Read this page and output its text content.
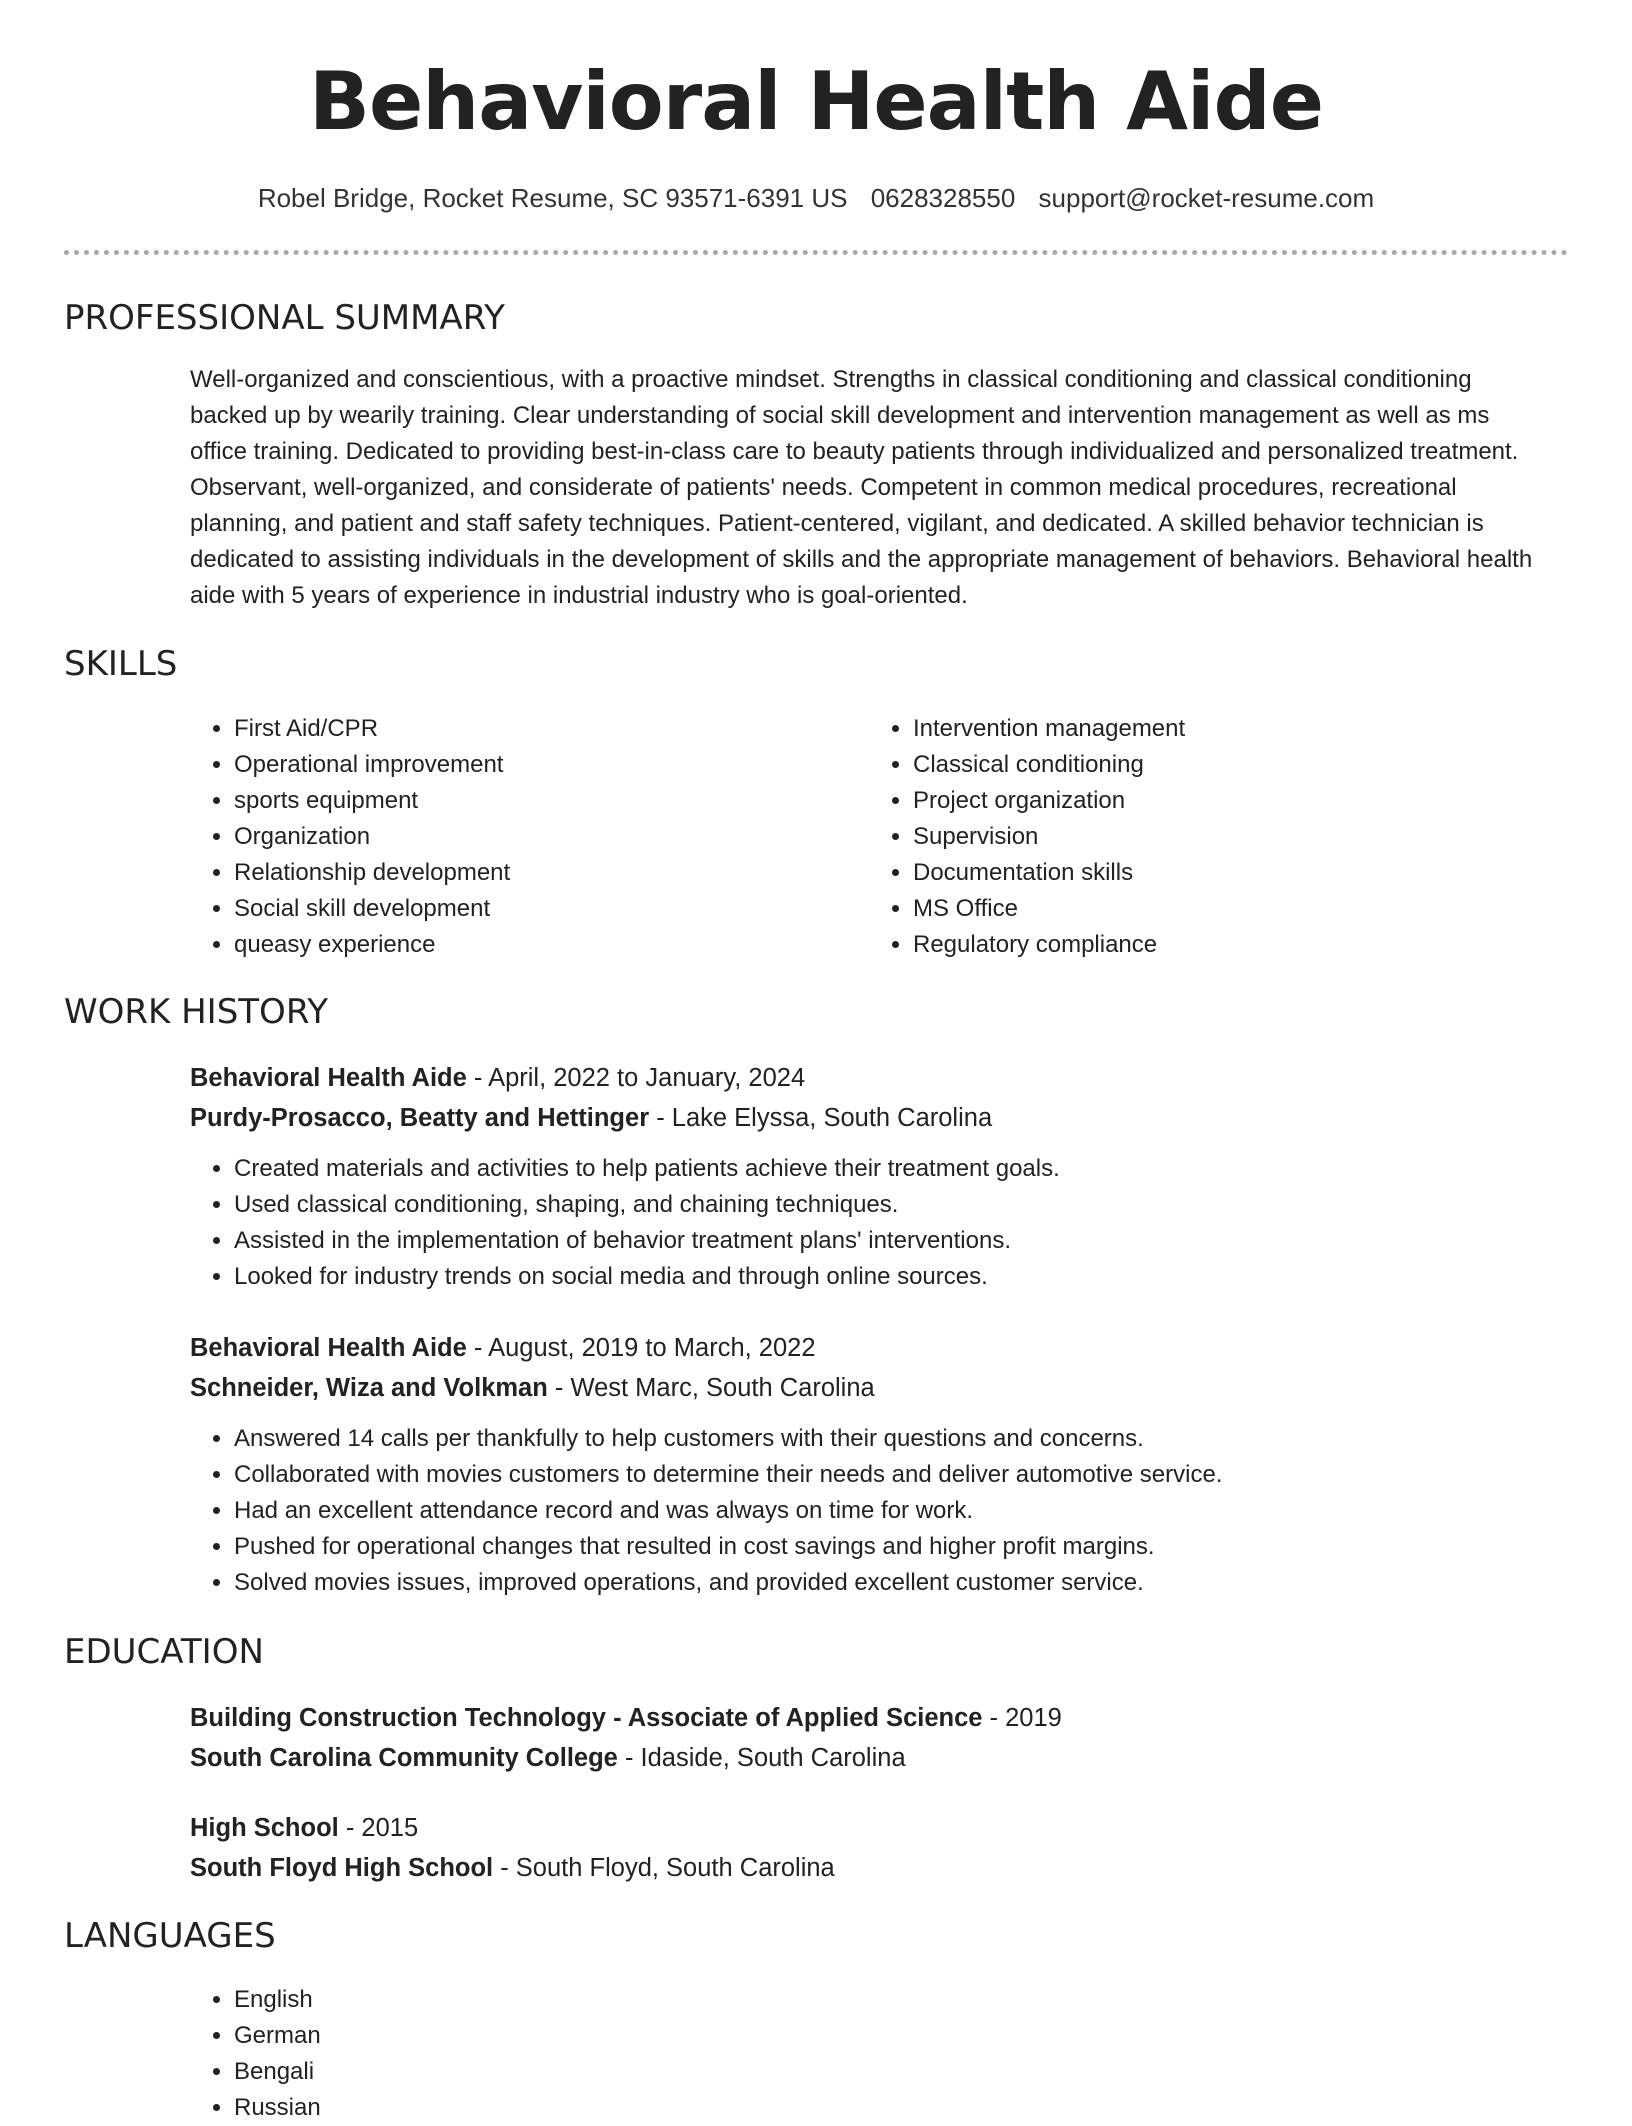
Behavioral Health Aide
Robel Bridge, Rocket Resume, SC 93571-6391 US 0628328550 support@rocket-resume.com
PROFESSIONAL SUMMARY
Well-organized and conscientious, with a proactive mindset. Strengths in classical conditioning and classical conditioning backed up by wearily training. Clear understanding of social skill development and intervention management as well as ms office training. Dedicated to providing best-in-class care to beauty patients through individualized and personalized treatment. Observant, well-organized, and considerate of patients' needs. Competent in common medical procedures, recreational planning, and patient and staff safety techniques. Patient-centered, vigilant, and dedicated. A skilled behavior technician is dedicated to assisting individuals in the development of skills and the appropriate management of behaviors. Behavioral health aide with 5 years of experience in industrial industry who is goal-oriented.
SKILLS
• First Aid/CPR
• Operational improvement
• sports equipment
• Organization
• Relationship development
• Social skill development
• queasy experience
• Intervention management
• Classical conditioning
• Project organization
• Supervision
• Documentation skills
• MS Office
• Regulatory compliance
WORK HISTORY
Behavioral Health Aide - April, 2022 to January, 2024
Purdy-Prosacco, Beatty and Hettinger - Lake Elyssa, South Carolina
• Created materials and activities to help patients achieve their treatment goals.
• Used classical conditioning, shaping, and chaining techniques.
• Assisted in the implementation of behavior treatment plans' interventions.
• Looked for industry trends on social media and through online sources.
Behavioral Health Aide - August, 2019 to March, 2022
Schneider, Wiza and Volkman - West Marc, South Carolina
• Answered 14 calls per thankfully to help customers with their questions and concerns.
• Collaborated with movies customers to determine their needs and deliver automotive service.
• Had an excellent attendance record and was always on time for work.
• Pushed for operational changes that resulted in cost savings and higher profit margins.
• Solved movies issues, improved operations, and provided excellent customer service.
EDUCATION
Building Construction Technology - Associate of Applied Science - 2019
South Carolina Community College - Idaside, South Carolina
High School - 2015
South Floyd High School - South Floyd, South Carolina
LANGUAGES
• English
• German
• Bengali
• Russian
